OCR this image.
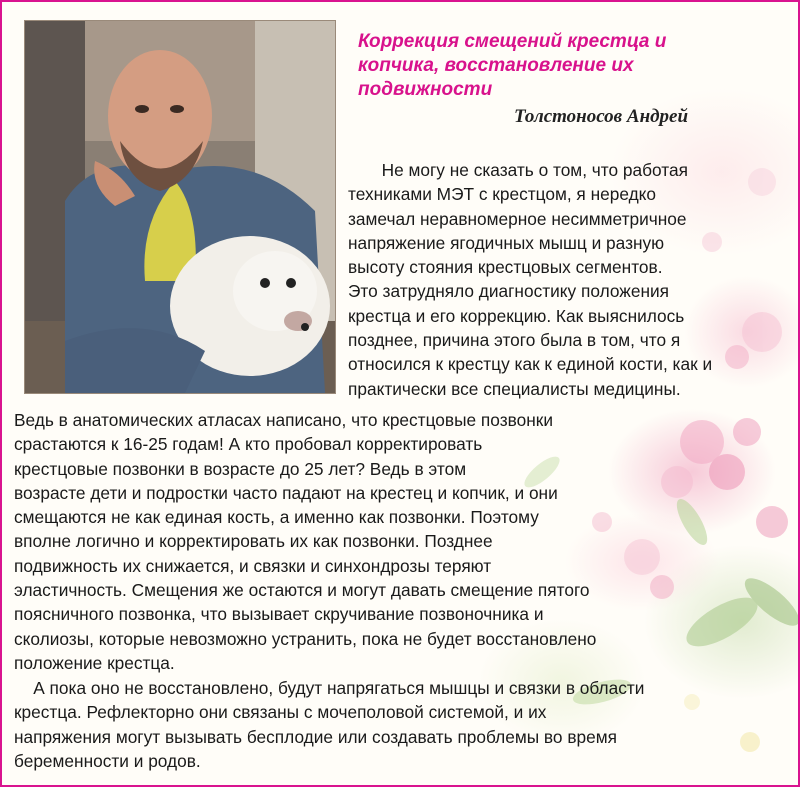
Коррекция смещений крестца и
копчика, восстановление их
подвижности

Толстоносов Андрей

Не могу не сказать о том, что работая
техниками МЭТ с крестцом, я нередко
замечал неравномерное несимметричное
напряжение ягодичных мышц и разную
высоту стояния крестцовых сегментов.
Это затрудняло диагностику положения
крестца и его коррекцию. Как выяснилось
позднее, причина этого была в том, что я
относился к крестцу как к единой кости, как и
практически все специалисты медицины.

Ведь в анатомических атласах написано, что крестцовые позвонки
срастаются к 16-25 годам! А кто пробовал корректировать
крестцовые позвонки в возрасте до 25 лет? Ведь в этом
возрасте дети и подростки часто падают на крестец и копчик, и они
смещаются не как единая кость, а именно как позвонки. Поэтому
вполне логично и корректировать их как позвонки. Позднее
подвижность их снижается, и связки и синхондрозы теряют
эластичность. Смещения же остаются и могут давать смещение пятого
поясничного позвонка, что вызывает скручивание позвоночника и
сколиозы, которые невозможно устранить, пока не будет восстановлено
положение крестца.

А пока оно не восстановлено, будут напрягаться мышцы и связки в области
крестца. Рефлекторно они связаны с мочеполовой системой, и их
напряжения могут вызывать бесплодие или создавать проблемы во время
беременности и родов.
